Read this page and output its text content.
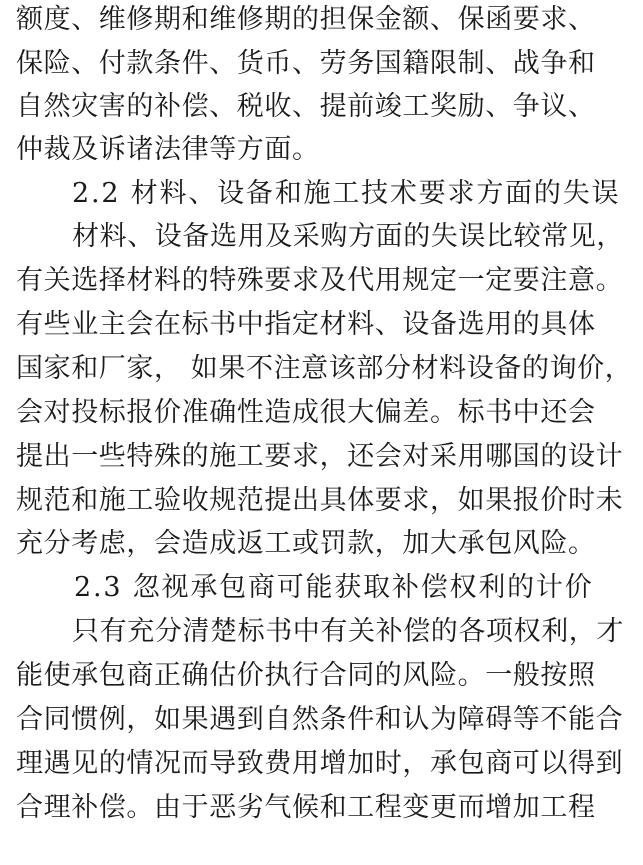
额度、维修期和维修期的担保金额、保函要求、
保险、付款条件、货币、劳务国籍限制、战争和
自然灾害的补偿、税收、提前竣工奖励、争议、
仲裁及诉诸法律等方面。
2.2 材料、设备和施工技术要求方面的失误
材料、设备选用及采购方面的失误比较常见，
有关选择材料的特殊要求及代用规定一定要注意。
有些业主会在标书中指定材料、设备选用的具体
国家和厂家， 如果不注意该部分材料设备的询价，
会对投标报价准确性造成很大偏差。标书中还会
提出一些特殊的施工要求，还会对采用哪国的设计
规范和施工验收规范提出具体要求，如果报价时未
充分考虑，会造成返工或罚款，加大承包风险。
2.3 忽视承包商可能获取补偿权利的计价
只有充分清楚标书中有关补偿的各项权利，才
能使承包商正确估价执行合同的风险。一般按照
合同惯例，如果遇到自然条件和认为障碍等不能合
理遇见的情况而导致费用增加时，承包商可以得到
合理补偿。由于恶劣气候和工程变更而增加工程
